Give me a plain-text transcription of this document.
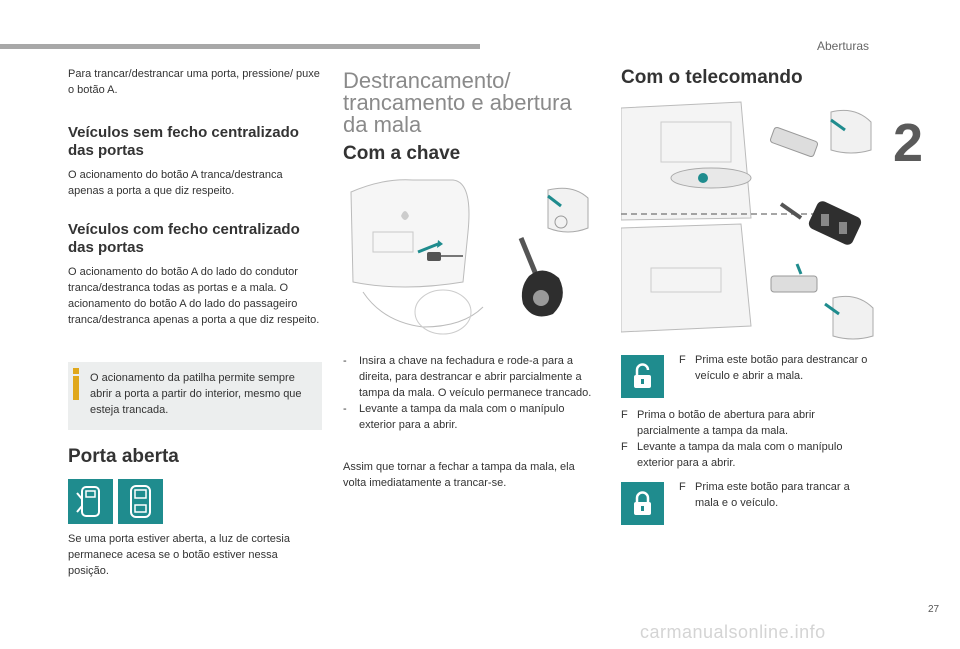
Aberturas
2
27

Para trancar/destrancar uma porta, pressione/ puxe o botão A.

Veículos sem fecho centralizado

das portas

O acionamento do botão A tranca/destranca apenas a porta a que diz respeito.

Veículos com fecho centralizado

das portas

O acionamento do botão A do lado do condutor tranca/destranca todas as portas e a mala. O acionamento do botão A do lado do passageiro tranca/destranca apenas a porta a que diz respeito.

O acionamento da patilha permite sempre abrir a porta a partir do interior, mesmo que esteja trancada.

Porta aberta

Se uma porta estiver aberta, a luz de cortesia permanece acesa se o botão estiver nessa posição.

Destrancamento/

trancamento e abertura

da mala

Com a chave

- Insira a chave na fechadura e rode-a para a direita, para destrancar e abrir parcialmente a tampa da mala. O veículo permanece trancado.
- Levante a tampa da mala com o manípulo exterior para a abrir.

Assim que tornar a fechar a tampa da mala, ela volta imediatamente a trancar-se.

Com o telecomando

F Prima este botão para destrancar o veículo e abrir a mala.
F Prima o botão de abertura para abrir parcialmente a tampa da mala.
F Levante a tampa da mala com o manípulo exterior para a abrir.
F Prima este botão para trancar a mala e o veículo.
carmanualsonline.info
